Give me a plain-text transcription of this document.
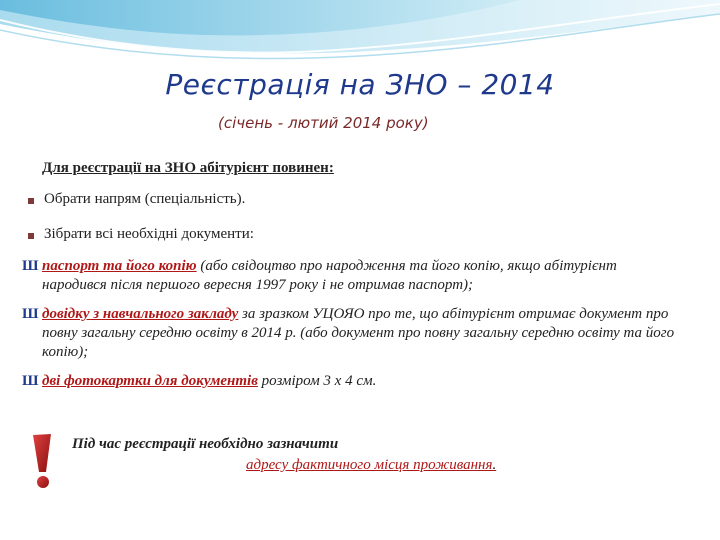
Реєстрація на ЗНО – 2014
(січень - лютий 2014 року)
Для реєстрації на ЗНО абітурієнт повинен:
Обрати напрям (спеціальність).
Зібрати всі необхідні документи:
Ш паспорт та його копію (або свідоцтво про народження та його копію, якщо абітурієнт народився після першого вересня 1997 року і не отримав паспорт);
Ш довідку з навчального закладу за зразком УЦОЯО про те, що абітурієнт отримає документ про повну загальну середню освіту в 2014 р. (або документ про повну загальну середню освіту та його копію);
Ш дві фотокартки для документів розміром 3 х 4 см.
Під час реєстрації необхідно зазначити
адресу фактичного місця проживання.
